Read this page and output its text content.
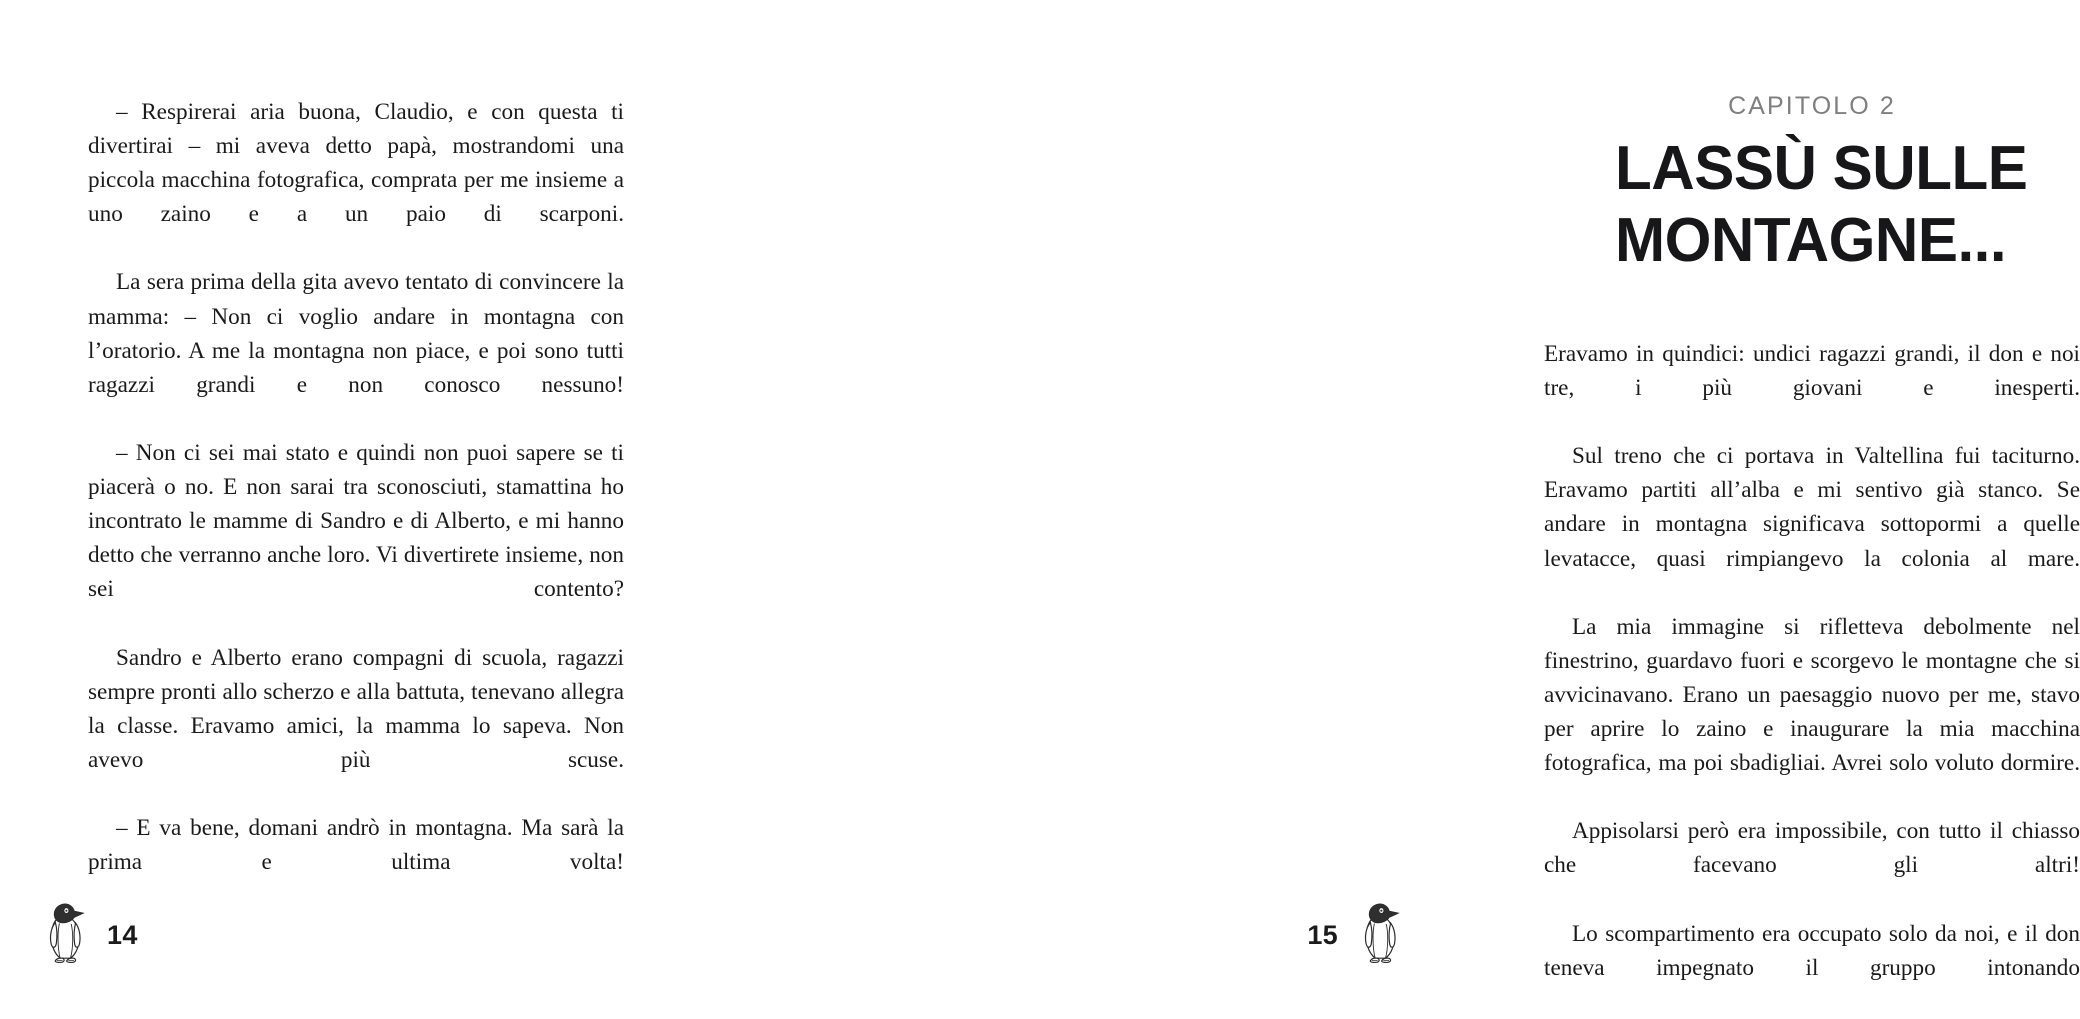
– Respirerai aria buona, Claudio, e con questa ti divertirai – mi aveva detto papà, mostrandomi una piccola macchina fotografica, comprata per me insieme a uno zaino e a un paio di scarponi.

La sera prima della gita avevo tentato di convincere la mamma: – Non ci voglio andare in montagna con l’oratorio. A me la montagna non piace, e poi sono tutti ragazzi grandi e non conosco nessuno!

– Non ci sei mai stato e quindi non puoi sapere se ti piacerà o no. E non sarai tra sconosciuti, stamattina ho incontrato le mamme di Sandro e di Alberto, e mi hanno detto che verranno anche loro. Vi divertirete insieme, non sei contento?

Sandro e Alberto erano compagni di scuola, ragazzi sempre pronti allo scherzo e alla battuta, tenevano allegra la classe. Eravamo amici, la mamma lo sapeva. Non avevo più scuse.

– E va bene, domani andrò in montagna. Ma sarà la prima e ultima volta!

14
CAPITOLO 2
LASSÙ SULLE
MONTAGNE...

Eravamo in quindici: undici ragazzi grandi, il don e noi tre, i più giovani e inesperti.

Sul treno che ci portava in Valtellina fui taciturno. Eravamo partiti all’alba e mi sentivo già stanco. Se andare in montagna significava sottopormi a quelle levatacce, quasi rimpiangevo la colonia al mare.

La mia immagine si rifletteva debolmente nel finestrino, guardavo fuori e scorgevo le montagne che si avvicinavano. Erano un paesaggio nuovo per me, stavo per aprire lo zaino e inaugurare la mia macchina fotografica, ma poi sbadigliai. Avrei solo voluto dormire.

Appisolarsi però era impossibile, con tutto il chiasso che facevano gli altri!

Lo scompartimento era occupato solo da noi, e il don teneva impegnato il gruppo intonando

15
